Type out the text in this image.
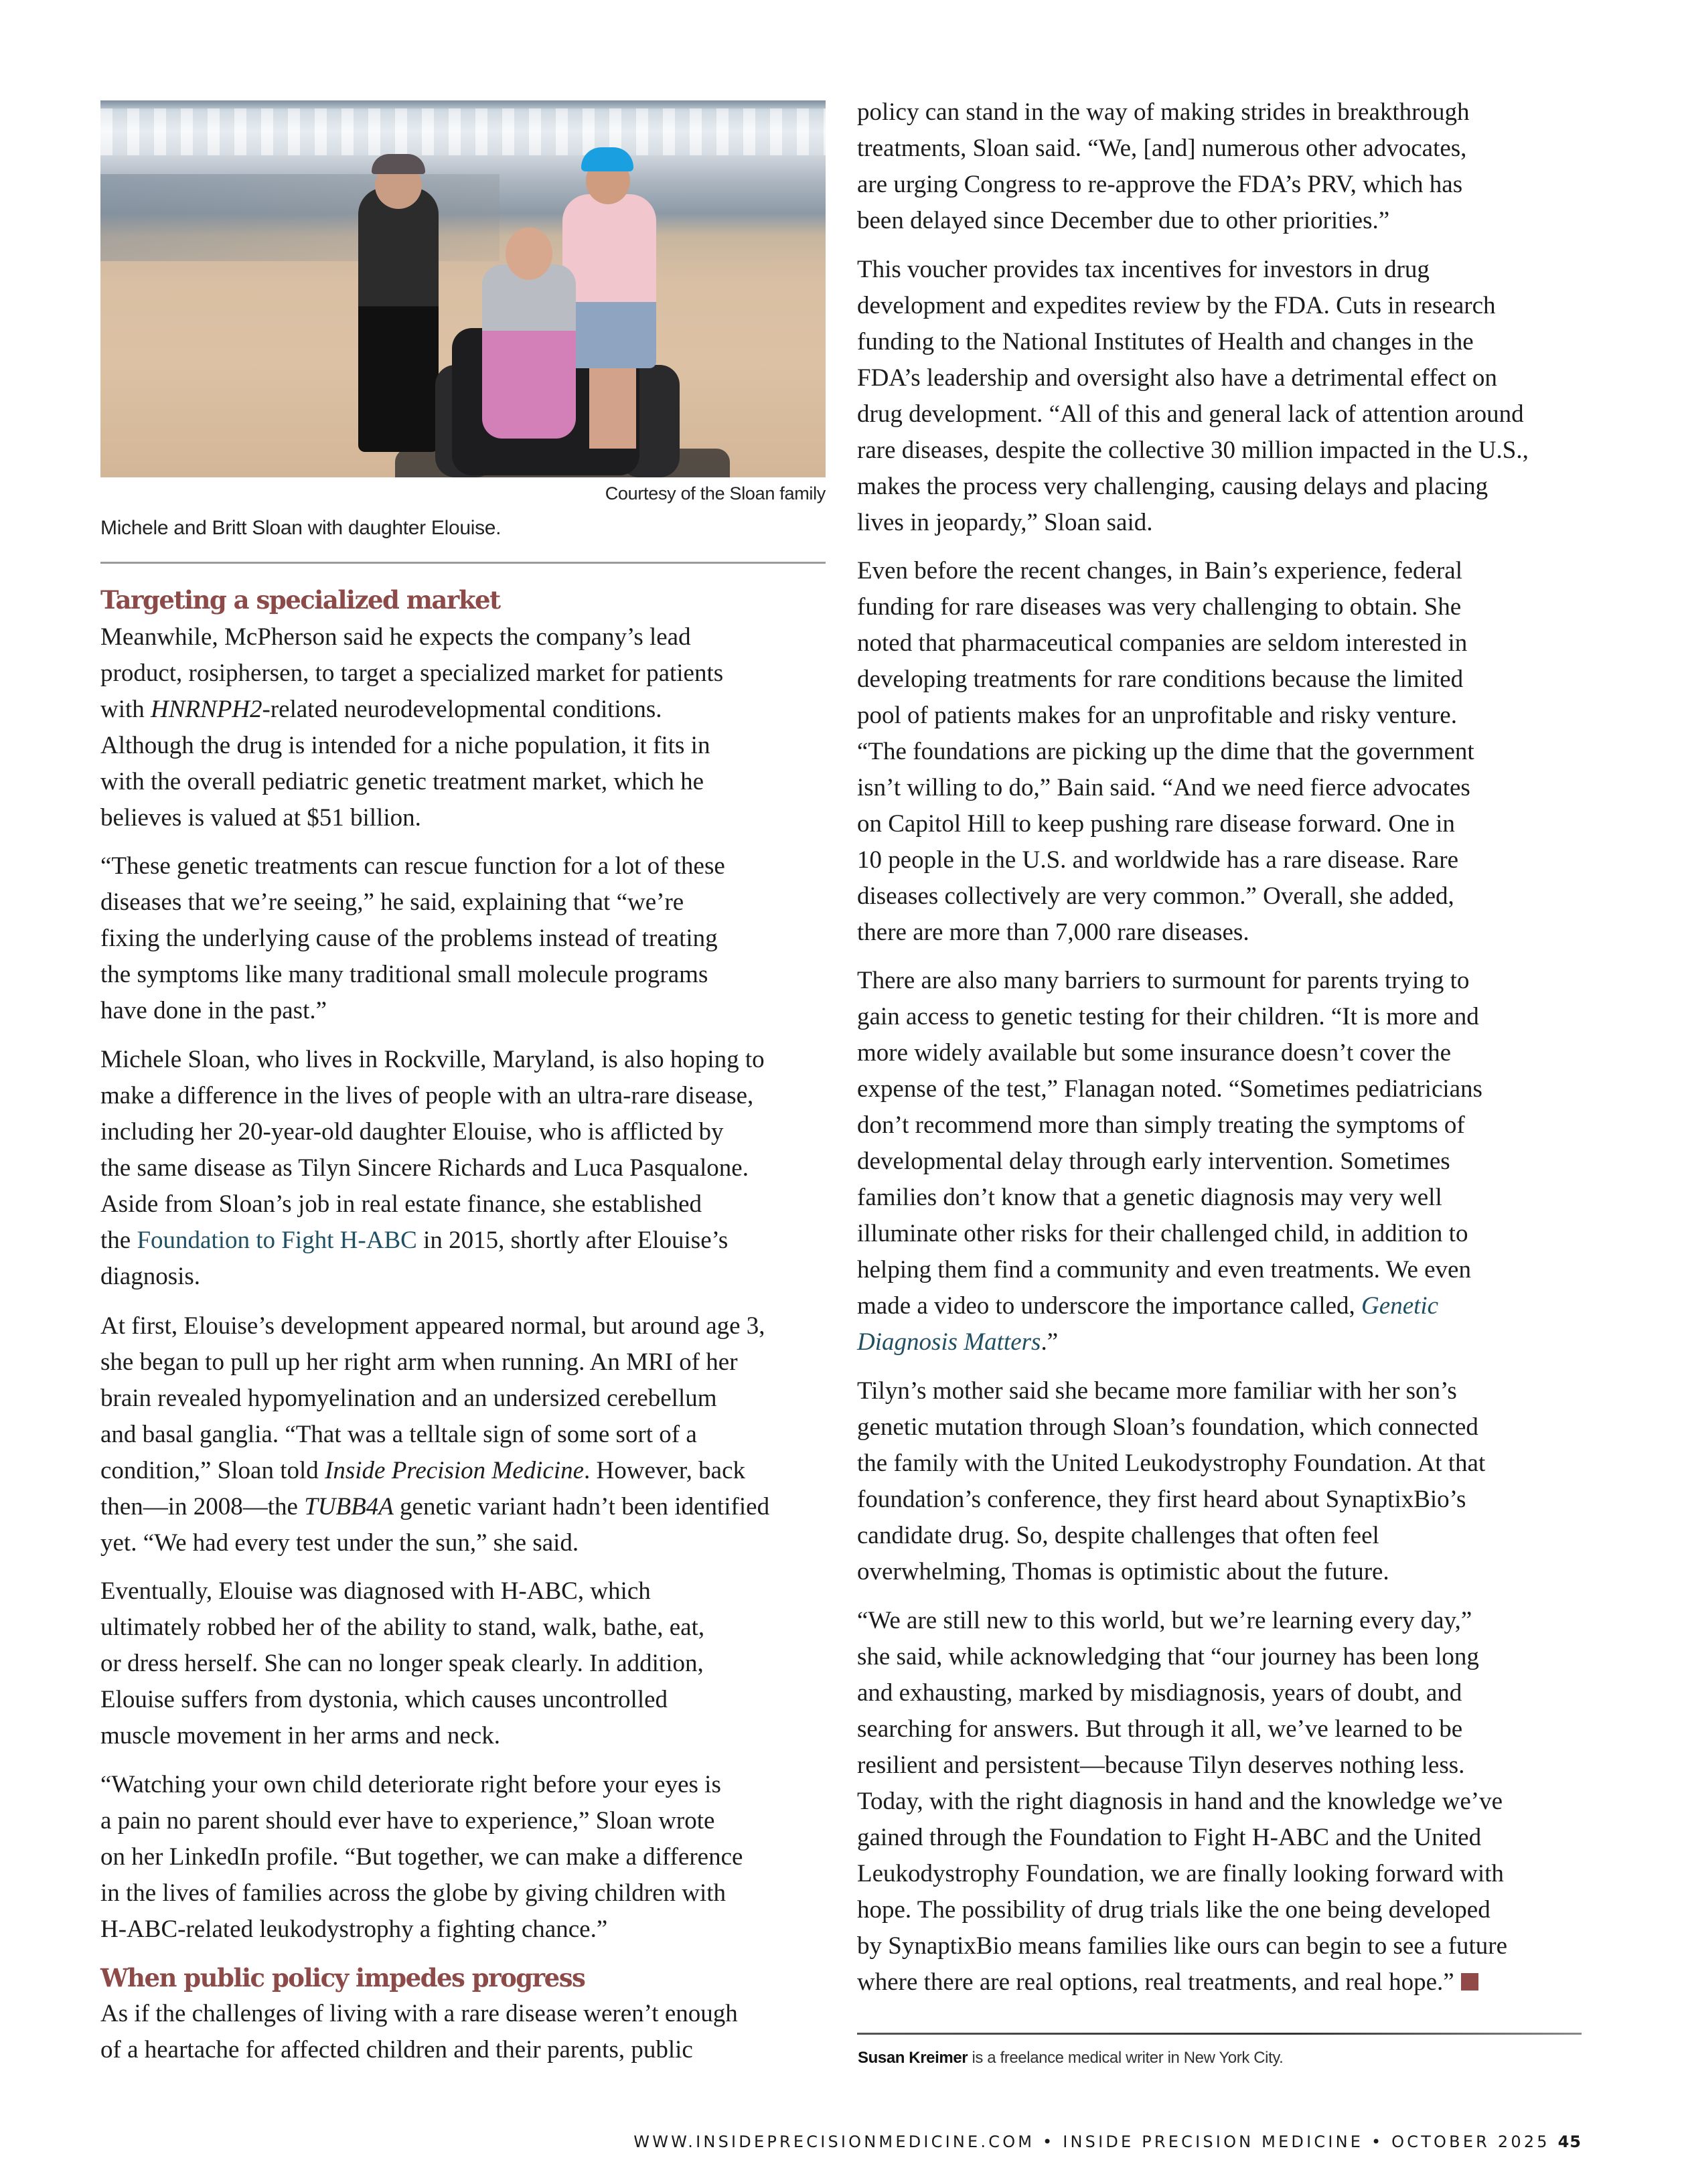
Courtesy of the Sloan family
Michele and Britt Sloan with daughter Elouise.
Targeting a specialized market
Meanwhile, McPherson said he expects the company’s lead
product, rosiphersen, to target a specialized market for patients
with HNRNPH2-related neurodevelopmental conditions.
Although the drug is intended for a niche population, it fits in
with the overall pediatric genetic treatment market, which he
believes is valued at $51 billion.
“These genetic treatments can rescue function for a lot of these
diseases that we’re seeing,” he said, explaining that “we’re
fixing the underlying cause of the problems instead of treating
the symptoms like many traditional small molecule programs
have done in the past.”
Michele Sloan, who lives in Rockville, Maryland, is also hoping to
make a difference in the lives of people with an ultra-rare disease,
including her 20-year-old daughter Elouise, who is afflicted by
the same disease as Tilyn Sincere Richards and Luca Pasqualone.
Aside from Sloan’s job in real estate finance, she established
the Foundation to Fight H-ABC in 2015, shortly after Elouise’s
diagnosis.
At first, Elouise’s development appeared normal, but around age 3,
she began to pull up her right arm when running. An MRI of her
brain revealed hypomyelination and an undersized cerebellum
and basal ganglia. “That was a telltale sign of some sort of a
condition,” Sloan told Inside Precision Medicine. However, back
then—in 2008—the TUBB4A genetic variant hadn’t been identified
yet. “We had every test under the sun,” she said.
Eventually, Elouise was diagnosed with H-ABC, which
ultimately robbed her of the ability to stand, walk, bathe, eat,
or dress herself. She can no longer speak clearly. In addition,
Elouise suffers from dystonia, which causes uncontrolled
muscle movement in her arms and neck.
“Watching your own child deteriorate right before your eyes is
a pain no parent should ever have to experience,” Sloan wrote
on her LinkedIn profile. “But together, we can make a difference
in the lives of families across the globe by giving children with
H-ABC-related leukodystrophy a fighting chance.”
When public policy impedes progress
As if the challenges of living with a rare disease weren’t enough
of a heartache for affected children and their parents, public
policy can stand in the way of making strides in breakthrough
treatments, Sloan said. “We, [and] numerous other advocates,
are urging Congress to re-approve the FDA’s PRV, which has
been delayed since December due to other priorities.”
This voucher provides tax incentives for investors in drug
development and expedites review by the FDA. Cuts in research
funding to the National Institutes of Health and changes in the
FDA’s leadership and oversight also have a detrimental effect on
drug development. “All of this and general lack of attention around
rare diseases, despite the collective 30 million impacted in the U.S.,
makes the process very challenging, causing delays and placing
lives in jeopardy,” Sloan said.
Even before the recent changes, in Bain’s experience, federal
funding for rare diseases was very challenging to obtain. She
noted that pharmaceutical companies are seldom interested in
developing treatments for rare conditions because the limited
pool of patients makes for an unprofitable and risky venture.
“The foundations are picking up the dime that the government
isn’t willing to do,” Bain said. “And we need fierce advocates
on Capitol Hill to keep pushing rare disease forward. One in
10 people in the U.S. and worldwide has a rare disease. Rare
diseases collectively are very common.” Overall, she added,
there are more than 7,000 rare diseases.
There are also many barriers to surmount for parents trying to
gain access to genetic testing for their children. “It is more and
more widely available but some insurance doesn’t cover the
expense of the test,” Flanagan noted. “Sometimes pediatricians
don’t recommend more than simply treating the symptoms of
developmental delay through early intervention. Sometimes
families don’t know that a genetic diagnosis may very well
illuminate other risks for their challenged child, in addition to
helping them find a community and even treatments. We even
made a video to underscore the importance called, Genetic
Diagnosis Matters.”
Tilyn’s mother said she became more familiar with her son’s
genetic mutation through Sloan’s foundation, which connected
the family with the United Leukodystrophy Foundation. At that
foundation’s conference, they first heard about SynaptixBio’s
candidate drug. So, despite challenges that often feel
overwhelming, Thomas is optimistic about the future.
“We are still new to this world, but we’re learning every day,”
she said, while acknowledging that “our journey has been long
and exhausting, marked by misdiagnosis, years of doubt, and
searching for answers. But through it all, we’ve learned to be
resilient and persistent—because Tilyn deserves nothing less.
Today, with the right diagnosis in hand and the knowledge we’ve
gained through the Foundation to Fight H-ABC and the United
Leukodystrophy Foundation, we are finally looking forward with
hope. The possibility of drug trials like the one being developed
by SynaptixBio means families like ours can begin to see a future
where there are real options, real treatments, and real hope.”
Susan Kreimer is a freelance medical writer in New York City.
WWW.INSIDEPRECISIONMEDICINE.COM • INSIDE PRECISION MEDICINE • OCTOBER 2025 45
